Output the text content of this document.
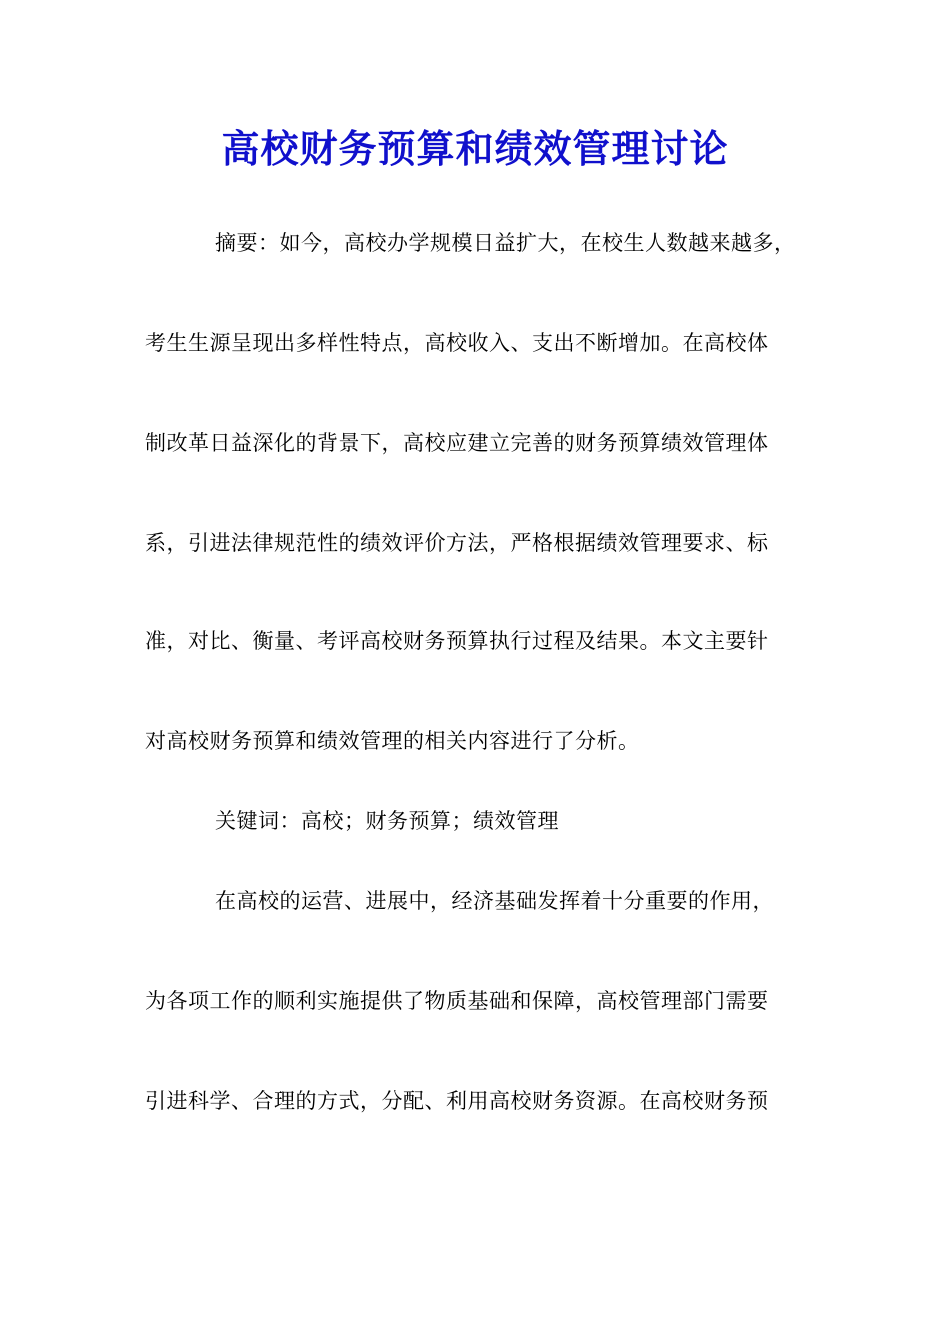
高校财务预算和绩效管理讨论
摘要：如今，高校办学规模日益扩大，在校生人数越来越多，
考生生源呈现出多样性特点，高校收入、支出不断增加。在高校体
制改革日益深化的背景下，高校应建立完善的财务预算绩效管理体
系，引进法律规范性的绩效评价方法，严格根据绩效管理要求、标
准，对比、衡量、考评高校财务预算执行过程及结果。本文主要针
对高校财务预算和绩效管理的相关内容进行了分析。
关键词：高校；财务预算；绩效管理
在高校的运营、进展中，经济基础发挥着十分重要的作用，
为各项工作的顺利实施提供了物质基础和保障，高校管理部门需要
引进科学、合理的方式，分配、利用高校财务资源。在高校财务预
